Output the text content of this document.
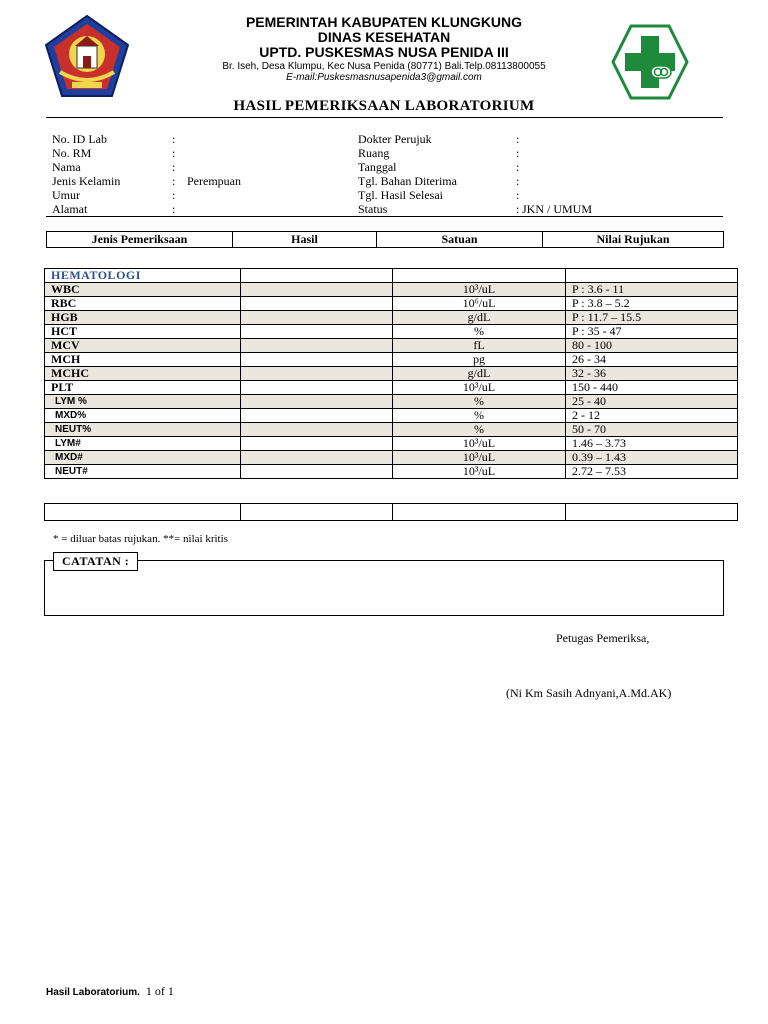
PEMERINTAH KABUPATEN KLUNGKUNG
DINAS KESEHATAN
UPTD. PUSKESMAS NUSA PENIDA III
Br. Iseh, Desa Klumpu, Kec Nusa Penida (80771) Bali.Telp.08113800055
E-mail:Puskesmasnusapenida3@gmail.com
HASIL PEMERIKSAAN LABORATORIUM
No. ID Lab	:
No. RM	:
Nama	:
Jenis Kelamin	: Perempuan
Umur	:
Alamat	:
Dokter Perujuk	:
Ruang	:
Tanggal	:
Tgl. Bahan Diterima	:
Tgl. Hasil Selesai	:
Status	: JKN / UMUM
Jenis Pemeriksaan	Hasil	Satuan	Nilai Rujukan
HEMATOLOGI			
WBC		10³/uL	P : 3.6 - 11
RBC		10⁶/uL	P : 3.8 – 5.2
HGB		g/dL	P : 11.7 – 15.5
HCT		%	P : 35 - 47
MCV		fL	80 - 100
MCH		pg	26 - 34
MCHC		g/dL	32 - 36
PLT		10³/uL	150 - 440
LYM %		%	25 - 40
MXD%		%	2 - 12
NEUT%		%	50 - 70
LYM#		10³/uL	1.46 – 3.73
MXD#		10³/uL	0.39 – 1.43
NEUT#		10³/uL	2.72 – 7.53

* = diluar batas rujukan. **= nilai kritis
CATATAN :
Petugas Pemeriksa,
(Ni Km Sasih Adnyani,A.Md.AK)
Hasil Laboratorium. 1 of 1
